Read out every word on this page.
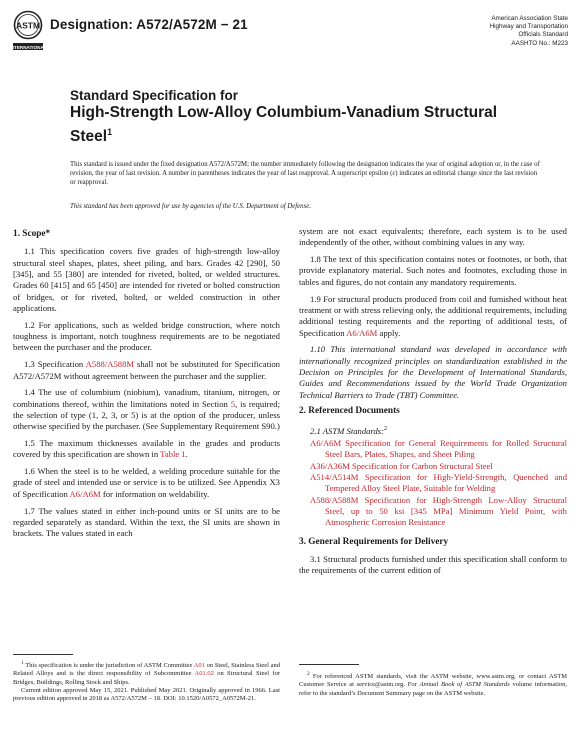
ASTM
INTERNATIONAL
Designation: A572/A572M − 21	American Association State
Highway and Transportation
Officials Standard
AASHTO No.: M223
Standard Specification for
High-Strength Low-Alloy Columbium-Vanadium Structural
Steel$^1$

This standard is issued under the fixed designation A572/A572M; the number immediately following the designation indicates the year of original adoption or, in the case of revision, the year of last revision. A number in parentheses indicates the year of last reapproval. A superscript epsilon (ε) indicates an editorial change since the last revision or reapproval.

This standard has been approved for use by agencies of the U.S. Department of Defense.

1. Scope*

1.1 This specification covers five grades of high-strength low-alloy structural steel shapes, plates, sheet piling, and bars. Grades 42 [290], 50 [345], and 55 [380] are intended for riveted, bolted, or welded structures. Grades 60 [415] and 65 [450] are intended for riveted or bolted construction of bridges, or for riveted, bolted, or welded construction in other applications.

1.2 For applications, such as welded bridge construction, where notch toughness is important, notch toughness requirements are to be negotiated between the purchaser and the producer.

1.3 Specification A588/A588M shall not be substituted for Specification A572/A572M without agreement between the purchaser and the supplier.

1.4 The use of columbium (niobium), vanadium, titanium, nitrogen, or combinations thereof, within the limitations noted in Section 5, is required; the selection of type (1, 2, 3, or 5) is at the option of the producer, unless otherwise specified by the purchaser. (See Supplementary Requirement S90.)

1.5 The maximum thicknesses available in the grades and products covered by this specification are shown in Table 1.

1.6 When the steel is to be welded, a welding procedure suitable for the grade of steel and intended use or service is to be utilized. See Appendix X3 of Specification A6/A6M for information on weldability.

1.7 The values stated in either inch-pound units or SI units are to be regarded separately as standard. Within the text, the SI units are shown in brackets. The values stated in each

system are not exact equivalents; therefore, each system is to be used independently of the other, without combining values in any way.

1.8 The text of this specification contains notes or footnotes, or both, that provide explanatory material. Such notes and footnotes, excluding those in tables and figures, do not contain any mandatory requirements.

1.9 For structural products produced from coil and furnished without heat treatment or with stress relieving only, the additional requirements, including additional testing requirements and the reporting of additional tests, of Specification A6/A6M apply.

1.10 This international standard was developed in accordance with internationally recognized principles on standardization established in the Decision on Principles for the Development of International Standards, Guides and Recommendations issued by the World Trade Organization Technical Barriers to Trade (TBT) Committee.

2. Referenced Documents

2.1 ASTM Standards:$^2$

A6/A6M Specification for General Requirements for Rolled Structural Steel Bars, Plates, Shapes, and Sheet Piling

A36/A36M Specification for Carbon Structural Steel

A514/A514M Specification for High-Yield-Strength, Quenched and Tempered Alloy Steel Plate, Suitable for Welding

A588/A588M Specification for High-Strength Low-Alloy Structural Steel, up to 50 ksi [345 MPa] Minimum Yield Point, with Atmospheric Corrosion Resistance

3. General Requirements for Delivery

3.1 Structural products furnished under this specification shall conform to the requirements of the current edition of

$^1$ This specification is under the jurisdiction of ASTM Committee A01 on Steel, Stainless Steel and Related Alloys and is the direct responsibility of Subcommittee A01.02 on Structural Steel for Bridges, Buildings, Rolling Stock and Ships.

Current edition approved May 15, 2021. Published May 2021. Originally approved in 1966. Last previous edition approved in 2018 as A572/A572M – 18. DOI: 10.1520/A0572_A0572M-21.

$^2$ For referenced ASTM standards, visit the ASTM website, www.astm.org, or contact ASTM Customer Service at service@astm.org. For Annual Book of ASTM Standards volume information, refer to the standard’s Document Summary page on the ASTM website.
